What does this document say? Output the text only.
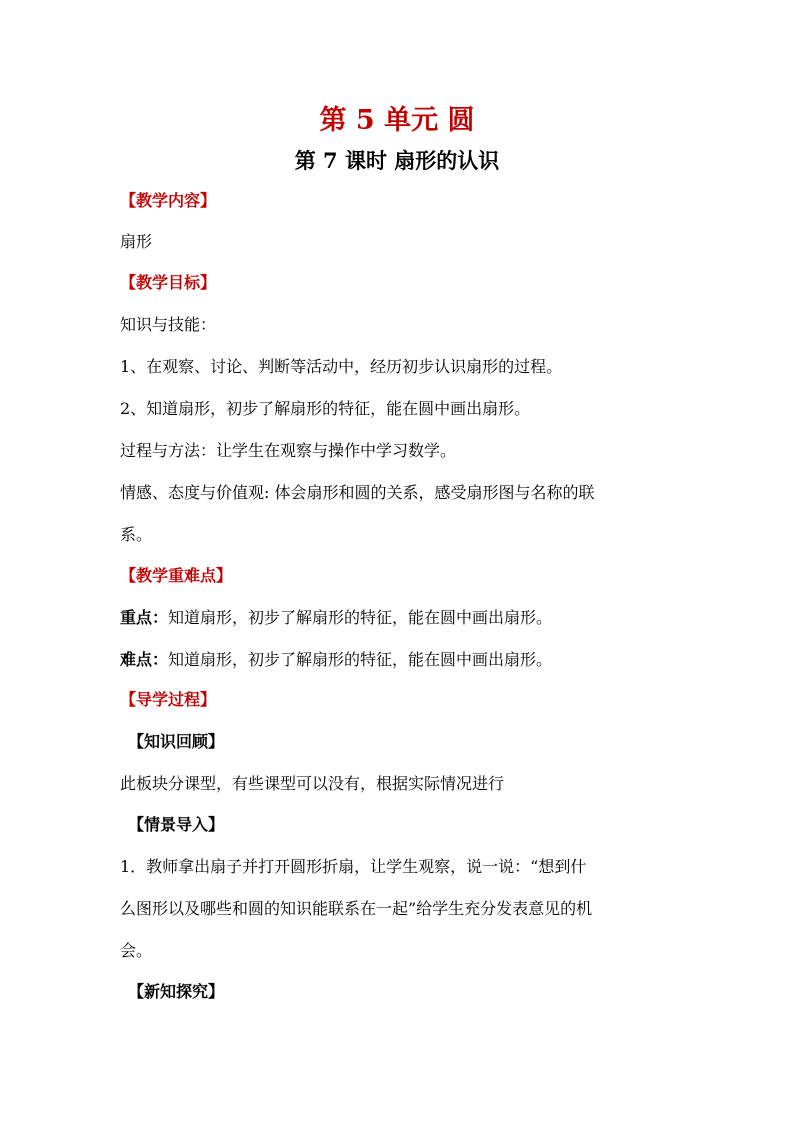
第 5 单元 圆
第 7 课时 扇形的认识

【教学内容】

扇形

【教学目标】

知识与技能：

1、在观察、讨论、判断等活动中，经历初步认识扇形的过程。

2、知道扇形，初步了解扇形的特征，能在圆中画出扇形。

过程与方法：让学生在观察与操作中学习数学。

情感、态度与价值观: 体会扇形和圆的关系，感受扇形图与名称的联

系。

【教学重难点】

重点：知道扇形，初步了解扇形的特征，能在圆中画出扇形。

难点：知道扇形，初步了解扇形的特征，能在圆中画出扇形。

【导学过程】

【知识回顾】

此板块分课型，有些课型可以没有，根据实际情况进行

【情景导入】

1．教师拿出扇子并打开圆形折扇，让学生观察，说一说：“想到什

么图形以及哪些和圆的知识能联系在一起”给学生充分发表意见的机

会。

【新知探究】
